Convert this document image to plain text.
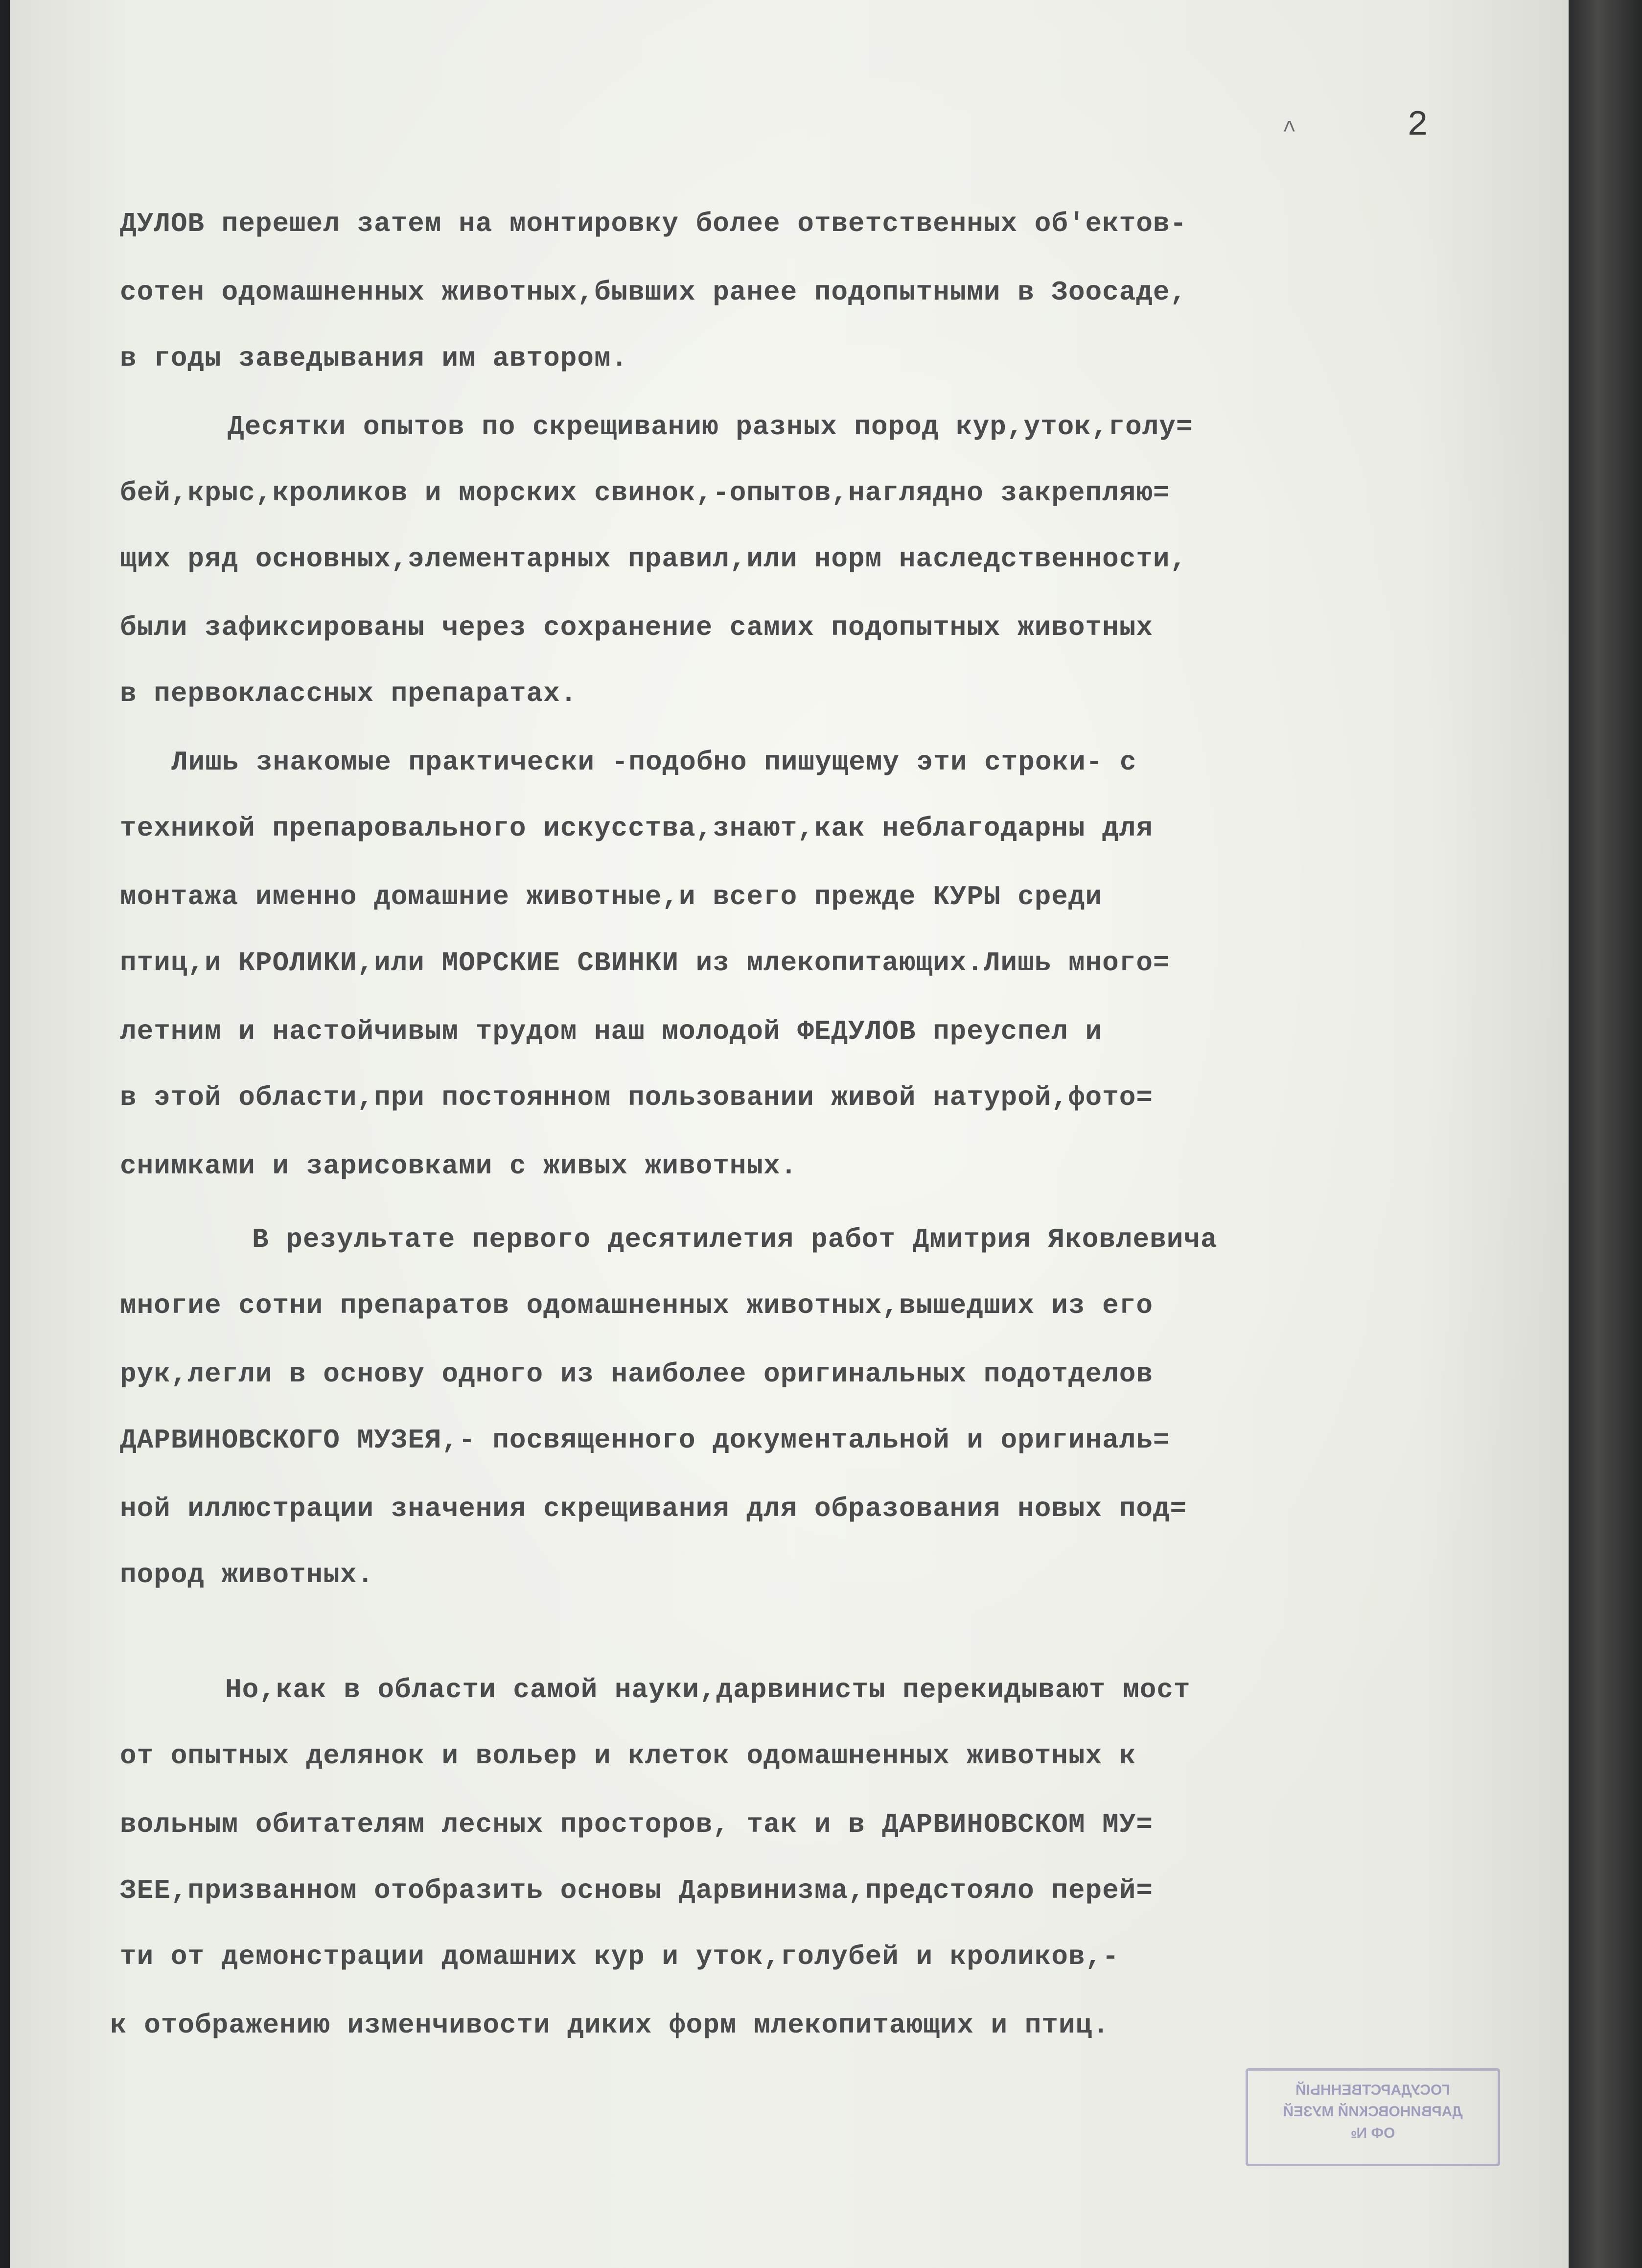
^	2
ДУЛОВ перешел затем на монтировку более ответственных об'ектов-
сотен одомашненных животных,бывших ранее подопытными в Зоосаде,
в годы заведывания им автором.
Десятки опытов по скрещиванию разных пород кур,уток,голу=
бей,крыс,кроликов и морских свинок,-опытов,наглядно закрепляю=
щих ряд основных,элементарных правил,или норм наследственности,
были зафиксированы через сохранение самих подопытных животных
в первоклассных препаратах.
Лишь знакомые практически -подобно пишущему эти строки- с
техникой препаровального искусства,знают,как неблагодарны для
монтажа именно домашние животные,и всего прежде КУРЫ среди
птиц,и КРОЛИКИ,или МОРСКИЕ СВИНКИ из млекопитающих.Лишь много=
летним и настойчивым трудом наш молодой ФЕДУЛОВ преуспел и
в этой области,при постоянном пользовании живой натурой,фото=
снимками и зарисовками с живых животных.
В результате первого десятилетия работ Дмитрия Яковлевича
многие сотни препаратов одомашненных животных,вышедших из его
рук,легли в основу одного из наиболее оригинальных подотделов
ДАРВИНОВСКОГО МУЗЕЯ,- посвященного документальной и оригиналь=
ной иллюстрации значения скрещивания для образования новых под=
пород животных.
Но,как в области самой науки,дарвинисты перекидывают мост
от опытных делянок и вольер и клеток одомашненных животных к
вольным обитателям лесных просторов, так и в ДАРВИНОВСКОМ МУ=
ЗЕЕ,призванном отобразить основы Дарвинизма,предстояло перей=
ти от демонстрации домашних кур и уток,голубей и кроликов,-
к отображению изменчивости диких форм млекопитающих и птиц.
ГОСУДАРСТВЕННЫЙ
ДАРВИНОВСКИЙ МУЗЕЙ
ОФ №
